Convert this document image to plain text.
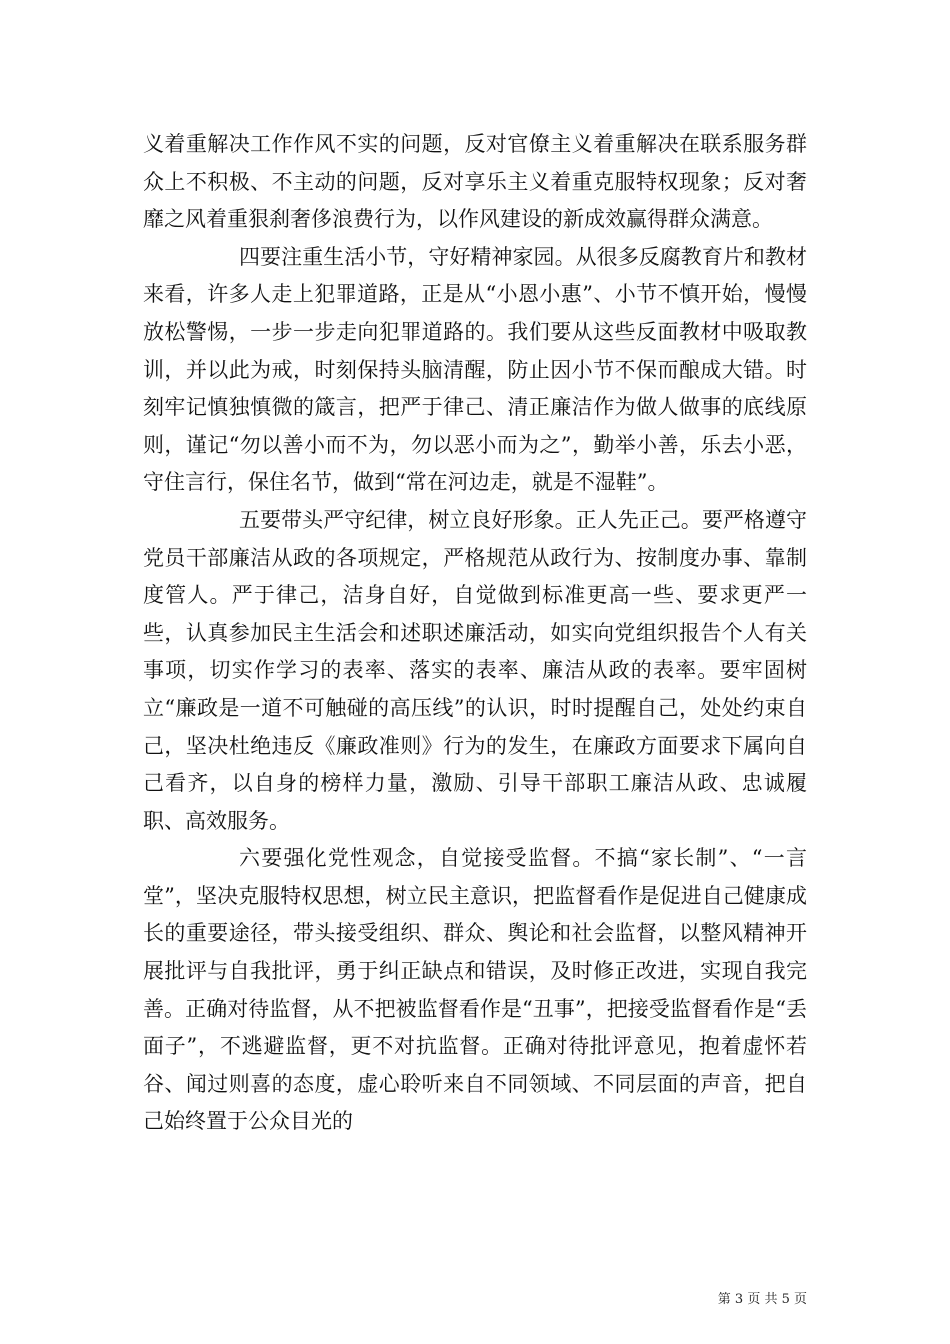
义着重解决工作作风不实的问题，反对官僚主义着重解决在联系服务群众上不积极、不主动的问题，反对享乐主义着重克服特权现象；反对奢靡之风着重狠刹奢侈浪费行为，以作风建设的新成效赢得群众满意。

四要注重生活小节，守好精神家园。从很多反腐教育片和教材来看，许多人走上犯罪道路，正是从“小恩小惠”、小节不慎开始，慢慢放松警惕，一步一步走向犯罪道路的。我们要从这些反面教材中吸取教训，并以此为戒，时刻保持头脑清醒，防止因小节不保而酿成大错。时刻牢记慎独慎微的箴言，把严于律己、清正廉洁作为做人做事的底线原则，谨记“勿以善小而不为，勿以恶小而为之”，勤举小善，乐去小恶，守住言行，保住名节，做到“常在河边走，就是不湿鞋”。

五要带头严守纪律，树立良好形象。正人先正己。要严格遵守党员干部廉洁从政的各项规定，严格规范从政行为、按制度办事、靠制度管人。严于律己，洁身自好，自觉做到标准更高一些、要求更严一些，认真参加民主生活会和述职述廉活动，如实向党组织报告个人有关事项，切实作学习的表率、落实的表率、廉洁从政的表率。要牢固树立“廉政是一道不可触碰的高压线”的认识，时时提醒自己，处处约束自己，坚决杜绝违反《廉政准则》行为的发生，在廉政方面要求下属向自己看齐，以自身的榜样力量，激励、引导干部职工廉洁从政、忠诚履职、高效服务。

六要强化党性观念，自觉接受监督。不搞“家长制”、“一言堂”，坚决克服特权思想，树立民主意识，把监督看作是促进自己健康成长的重要途径，带头接受组织、群众、舆论和社会监督，以整风精神开展批评与自我批评，勇于纠正缺点和错误，及时修正改进，实现自我完善。正确对待监督，从不把被监督看作是“丑事”，把接受监督看作是“丢面子”，不逃避监督，更不对抗监督。正确对待批评意见，抱着虚怀若谷、闻过则喜的态度，虚心聆听来自不同领域、不同层面的声音，把自己始终置于公众目光的

第 3 页 共 5 页
